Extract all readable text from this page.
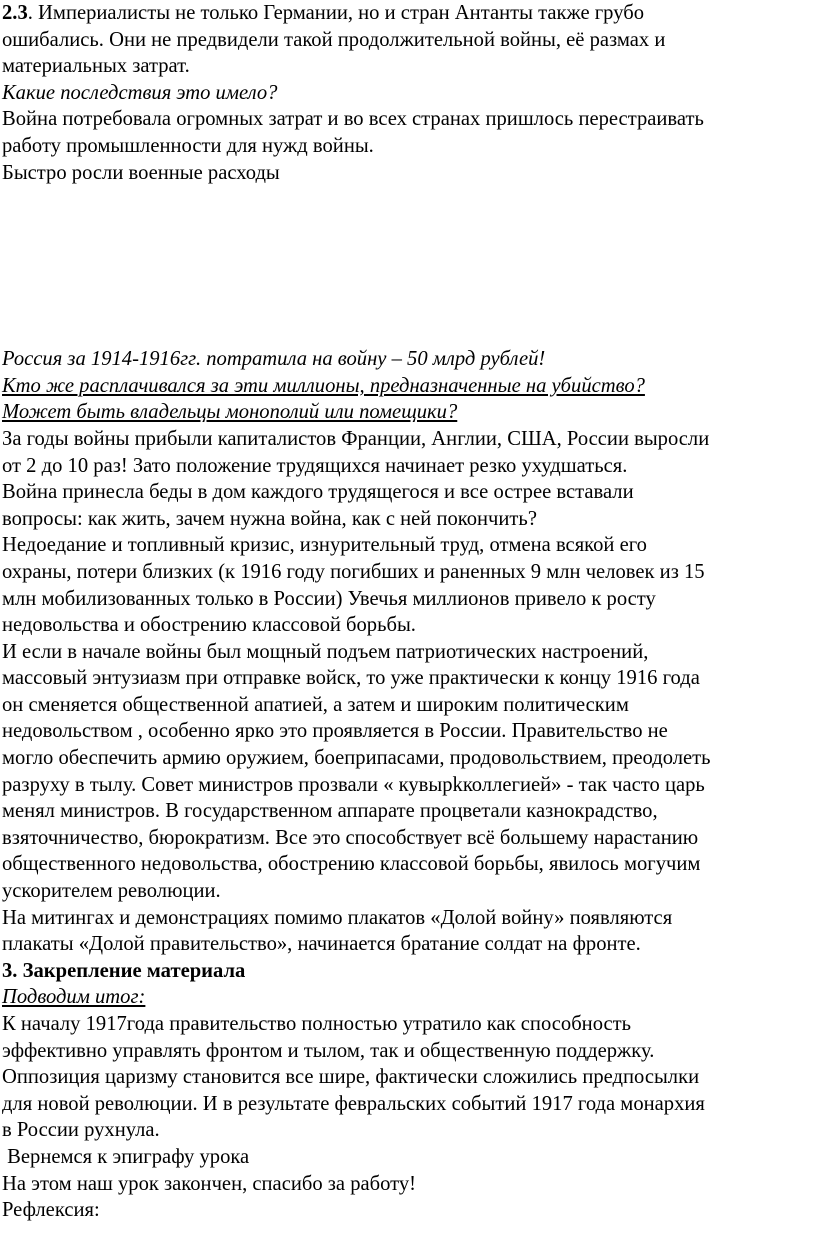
2.3. Империалисты не только Германии, но и стран Антанты также грубо
ошибались. Они не предвидели такой продолжительной войны, её размах и
материальных затрат.
Какие последствия это имело?
Война потребовала огромных затрат и во всех странах пришлось перестраивать
работу промышленности для нужд войны.
Быстро росли военные расходы
Россия за 1914-1916гг. потратила на войну – 50 млрд рублей!
Кто же расплачивался за эти миллионы, предназначенные на убийство?
Может быть владельцы монополий или помещики?
За годы войны прибыли капиталистов Франции, Англии, США, России выросли
от 2 до 10 раз! Зато положение трудящихся начинает резко ухудшаться.
Война принесла беды в дом каждого трудящегося и все острее вставали
вопросы: как жить, зачем нужна война, как с ней покончить?
Недоедание и топливный кризис, изнурительный труд, отмена всякой его
охраны, потери близких (к 1916 году погибших и раненных 9 млн человек из 15
млн мобилизованных только в России) Увечья миллионов привело к росту
недовольства и обострению классовой борьбы.
И если в начале войны был мощный подъем патриотических настроений,
массовый энтузиазм при отправке войск, то уже практически к концу 1916 года
он сменяется общественной апатией, а затем и широким политическим
недовольством , особенно ярко это проявляется в России. Правительство не
могло обеспечить армию оружием, боеприпасами, продовольствием, преодолеть
разруху в тылу. Совет министров прозвали « кувырkколлегией» - так часто царь
менял министров. В государственном аппарате процветали казнокрадство,
взяточничество, бюрократизм. Все это способствует всё большему нарастанию
общественного недовольства, обострению классовой борьбы, явилось могучим
ускорителем революции.
На митингах и демонстрациях помимо плакатов «Долой войну» появляются
плакаты «Долой правительство», начинается братание солдат на фронте.
3. Закрепление материала
Подводим итог:
К началу 1917года правительство полностью утратило как способность
эффективно управлять фронтом и тылом, так и общественную поддержку.
Оппозиция царизму становится все шире, фактически сложились предпосылки
для новой революции. И в результате февральских событий 1917 года монархия
в России рухнула.
Вернемся к эпиграфу урока
На этом наш урок закончен, спасибо за работу!
Рефлексия:
